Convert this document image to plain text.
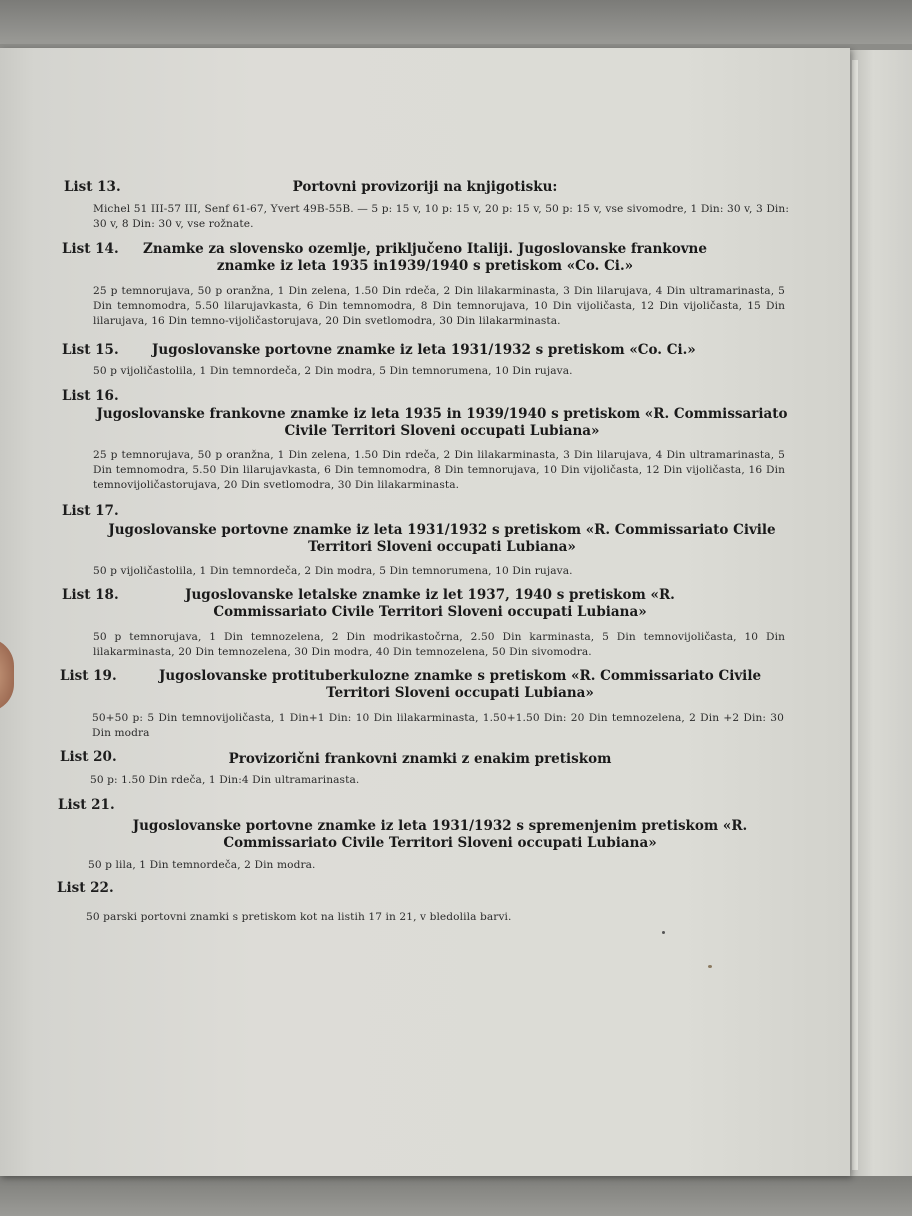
List 13.	Portovni provizoriji na knjigotisku:
Michel 51 III-57 III, Senf 61-67, Yvert 49B-55B. — 5 p: 15 v, 10 p: 15 v, 20 p: 15 v, 50 p: 15 v, vse sivomodre, 1 Din: 30 v, 3 Din: 30 v, 8 Din: 30 v, vse rožnate.
List 14.	Znamke za slovensko ozemlje, priključeno Italiji. Jugoslovanske frankovne znamke iz leta 1935 in1939/1940 s pretiskom «Co. Ci.»
25 p temnorujava, 50 p oranžna, 1 Din zelena, 1.50 Din rdeča, 2 Din lilakarminasta, 3 Din lilarujava, 4 Din ultramarinasta, 5 Din temnomodra, 5.50 lilarujavkasta, 6 Din temnomodra, 8 Din temnorujava, 10 Din vijoličasta, 12 Din vijoličasta, 15 Din lilarujava, 16 Din temno-vijoličastorujava, 20 Din svetlomodra, 30 Din lilakarminasta.
List 15. Jugoslovanske portovne znamke iz leta 1931/1932 s pretiskom «Co. Ci.»
50 p vijoličastolila, 1 Din temnordeča, 2 Din modra, 5 Din temnorumena, 10 Din rujava.
List 16.
Jugoslovanske frankovne znamke iz leta 1935 in 1939/1940 s pretiskom «R. Commissariato Civile Territori Sloveni occupati Lubiana»
25 p temnorujava, 50 p oranžna, 1 Din zelena, 1.50 Din rdeča, 2 Din lilakarminasta, 3 Din lilarujava, 4 Din ultramarinasta, 5 Din temnomodra, 5.50 Din lilarujavkasta, 6 Din temnomodra, 8 Din temnorujava, 10 Din vijoličasta, 12 Din vijoličasta, 16 Din temnovijoličastorujava, 20 Din svetlomodra, 30 Din lilakarminasta.
List 17.
Jugoslovanske portovne znamke iz leta 1931/1932 s pretiskom «R. Commissariato Civile Territori Sloveni occupati Lubiana»
50 p vijoličastolila, 1 Din temnordeča, 2 Din modra, 5 Din temnorumena, 10 Din rujava.
List 18.	Jugoslovanske letalske znamke iz let 1937, 1940 s pretiskom «R. Commissariato Civile Territori Sloveni occupati Lubiana»
50 p temnorujava, 1 Din temnozelena, 2 Din modrikastočrna, 2.50 Din karminasta, 5 Din temnovijoličasta, 10 Din lilakarminasta, 20 Din temnozelena, 30 Din modra, 40 Din temnozelena, 50 Din sivomodra.
List 19.	Jugoslovanske protituberkulozne znamke s pretiskom «R. Commissariato Civile Territori Sloveni occupati Lubiana»
50+50 p: 5 Din temnovijoličasta, 1 Din+1 Din: 10 Din lilakarminasta, 1.50+1.50 Din: 20 Din temnozelena, 2 Din +2 Din: 30 Din modra
List 20.	Provizorični frankovni znamki z enakim pretiskom
50 p: 1.50 Din rdeča, 1 Din:4 Din ultramarinasta.
List 21.
Jugoslovanske portovne znamke iz leta 1931/1932 s spremenjenim pretiskom «R. Commissariato Civile Territori Sloveni occupati Lubiana»
50 p lila, 1 Din temnordeča, 2 Din modra.
List 22.
50 parski portovni znamki s pretiskom kot na listih 17 in 21, v bledolila barvi.
